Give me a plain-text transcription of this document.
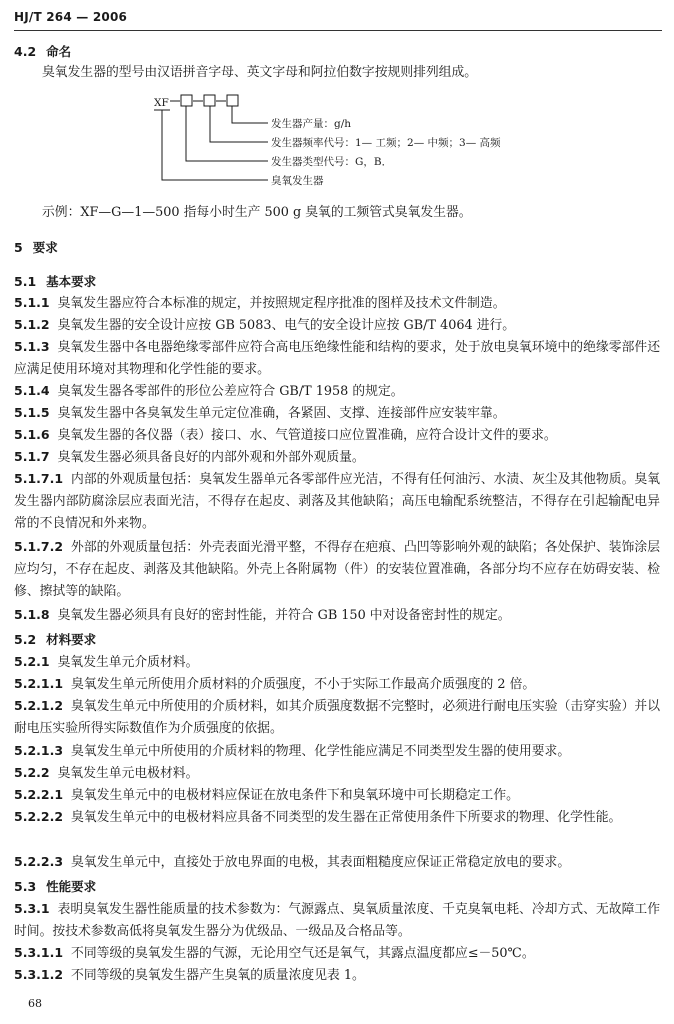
HJ/T 264 — 2006
4.2 命名
臭氧发生器的型号由汉语拼音字母、英文字母和阿拉伯数字按规则排列组成。
XF
发生器产量：g/h
发生器频率代号：1— 工频；2— 中频；3— 高频
发生器类型代号：G，B．
臭氧发生器
示例：XF—G—1—500 指每小时生产 500 g 臭氧的工频管式臭氧发生器。
5 要求
5.1 基本要求
5.1.1 臭氧发生器应符合本标准的规定，并按照规定程序批准的图样及技术文件制造。
5.1.2 臭氧发生器的安全设计应按 GB 5083、电气的安全设计应按 GB/T 4064 进行。
5.1.3 臭氧发生器中各电器绝缘零部件应符合高电压绝缘性能和结构的要求，处于放电臭氧环境中的绝缘零部件还应满足使用环境对其物理和化学性能的要求。
5.1.4 臭氧发生器各零部件的形位公差应符合 GB/T 1958 的规定。
5.1.5 臭氧发生器中各臭氧发生单元定位准确，各紧固、支撑、连接部件应安装牢靠。
5.1.6 臭氧发生器的各仪器（表）接口、水、气管道接口应位置准确，应符合设计文件的要求。
5.1.7 臭氧发生器必须具备良好的内部外观和外部外观质量。
5.1.7.1 内部的外观质量包括：臭氧发生器单元各零部件应光洁，不得有任何油污、水渍、灰尘及其他物质。臭氧发生器内部防腐涂层应表面光洁，不得存在起皮、剥落及其他缺陷；高压电输配系统整洁，不得存在引起输配电异常的不良情况和外来物。
5.1.7.2 外部的外观质量包括：外壳表面光滑平整，不得存在疤痕、凸凹等影响外观的缺陷；各处保护、装饰涂层应均匀，不存在起皮、剥落及其他缺陷。外壳上各附属物（件）的安装位置准确，各部分均不应存在妨碍安装、检修、擦拭等的缺陷。
5.1.8 臭氧发生器必须具有良好的密封性能，并符合 GB 150 中对设备密封性的规定。
5.2 材料要求
5.2.1 臭氧发生单元介质材料。
5.2.1.1 臭氧发生单元所使用介质材料的介质强度，不小于实际工作最高介质强度的 2 倍。
5.2.1.2 臭氧发生单元中所使用的介质材料，如其介质强度数据不完整时，必须进行耐电压实验（击穿实验）并以耐电压实验所得实际数值作为介质强度的依据。
5.2.1.3 臭氧发生单元中所使用的介质材料的物理、化学性能应满足不同类型发生器的使用要求。
5.2.2 臭氧发生单元电极材料。
5.2.2.1 臭氧发生单元中的电极材料应保证在放电条件下和臭氧环境中可长期稳定工作。
5.2.2.2 臭氧发生单元中的电极材料应具备不同类型的发生器在正常使用条件下所要求的物理、化学性能。
5.2.2.3 臭氧发生单元中，直接处于放电界面的电极，其表面粗糙度应保证正常稳定放电的要求。
5.3 性能要求
5.3.1 表明臭氧发生器性能质量的技术参数为：气源露点、臭氧质量浓度、千克臭氧电耗、冷却方式、无故障工作时间。按技术参数高低将臭氧发生器分为优级品、一级品及合格品等。
5.3.1.1 不同等级的臭氧发生器的气源，无论用空气还是氧气，其露点温度都应≤－50℃。
5.3.1.2 不同等级的臭氧发生器产生臭氧的质量浓度见表 1。
68
